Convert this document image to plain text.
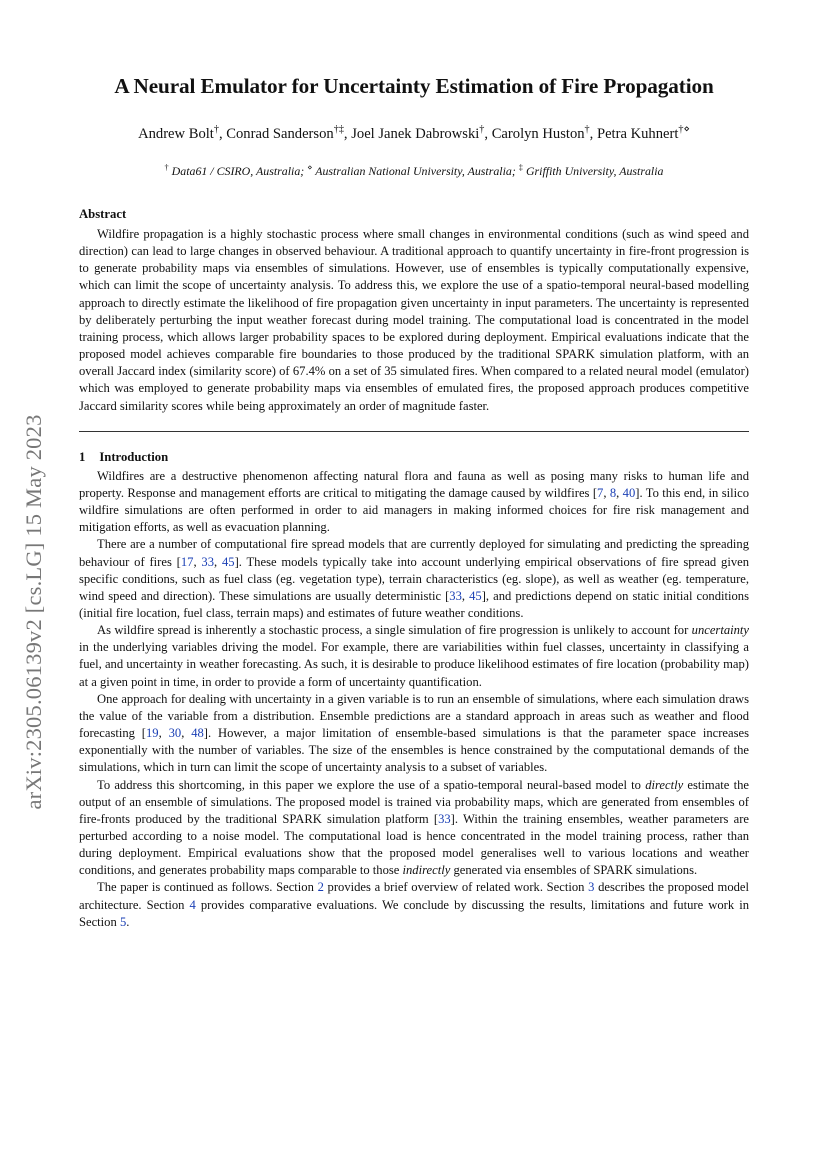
arXiv:2305.06139v2 [cs.LG] 15 May 2023
A Neural Emulator for Uncertainty Estimation of Fire Propagation
Andrew Bolt†, Conrad Sanderson†‡, Joel Janek Dabrowski†, Carolyn Huston†, Petra Kuhnert†⋄
† Data61 / CSIRO, Australia; ⋄ Australian National University, Australia; ‡ Griffith University, Australia
Abstract

Wildfire propagation is a highly stochastic process where small changes in environmental conditions (such as wind speed and direction) can lead to large changes in observed behaviour. A traditional approach to quantify uncertainty in fire-front progression is to generate probability maps via ensembles of simulations. However, use of ensembles is typically computationally expensive, which can limit the scope of uncertainty analysis. To address this, we explore the use of a spatio-temporal neural-based modelling approach to directly estimate the likelihood of fire propagation given uncertainty in input parameters. The uncertainty is represented by deliberately perturbing the input weather forecast during model training. The computational load is concentrated in the model training process, which allows larger probability spaces to be explored during deployment. Empirical evaluations indicate that the proposed model achieves comparable fire boundaries to those produced by the traditional SPARK simulation platform, with an overall Jaccard index (similarity score) of 67.4% on a set of 35 simulated fires. When compared to a related neural model (emulator) which was employed to generate probability maps via ensembles of emulated fires, the proposed approach produces competitive Jaccard similarity scores while being approximately an order of magnitude faster.

1 Introduction

Wildfires are a destructive phenomenon affecting natural flora and fauna as well as posing many risks to human life and property. Response and management efforts are critical to mitigating the damage caused by wildfires [7, 8, 40]. To this end, in silico wildfire simulations are often performed in order to aid managers in making informed choices for fire risk management and mitigation efforts, as well as evacuation planning.

There are a number of computational fire spread models that are currently deployed for simulating and predicting the spreading behaviour of fires [17, 33, 45]. These models typically take into account underlying empirical observations of fire spread given specific conditions, such as fuel class (eg. vegetation type), terrain characteristics (eg. slope), as well as weather (eg. temperature, wind speed and direction). These simulations are usually deterministic [33, 45], and predictions depend on static initial conditions (initial fire location, fuel class, terrain maps) and estimates of future weather conditions.

As wildfire spread is inherently a stochastic process, a single simulation of fire progression is unlikely to account for uncertainty in the underlying variables driving the model. For example, there are variabilities within fuel classes, uncertainty in classifying a fuel, and uncertainty in weather forecasting. As such, it is desirable to produce likelihood estimates of fire location (probability map) at a given point in time, in order to provide a form of uncertainty quantification.

One approach for dealing with uncertainty in a given variable is to run an ensemble of simulations, where each simulation draws the value of the variable from a distribution. Ensemble predictions are a standard approach in areas such as weather and flood forecasting [19, 30, 48]. However, a major limitation of ensemble-based simulations is that the parameter space increases exponentially with the number of variables. The size of the ensembles is hence constrained by the computational demands of the simulations, which in turn can limit the scope of uncertainty analysis to a subset of variables.

To address this shortcoming, in this paper we explore the use of a spatio-temporal neural-based model to directly estimate the output of an ensemble of simulations. The proposed model is trained via probability maps, which are generated from ensembles of fire-fronts produced by the traditional SPARK simulation platform [33]. Within the training ensembles, weather parameters are perturbed according to a noise model. The computational load is hence concentrated in the model training process, rather than during deployment. Empirical evaluations show that the proposed model generalises well to various locations and weather conditions, and generates probability maps comparable to those indirectly generated via ensembles of SPARK simulations.

The paper is continued as follows. Section 2 provides a brief overview of related work. Section 3 describes the proposed model architecture. Section 4 provides comparative evaluations. We conclude by discussing the results, limitations and future work in Section 5.
